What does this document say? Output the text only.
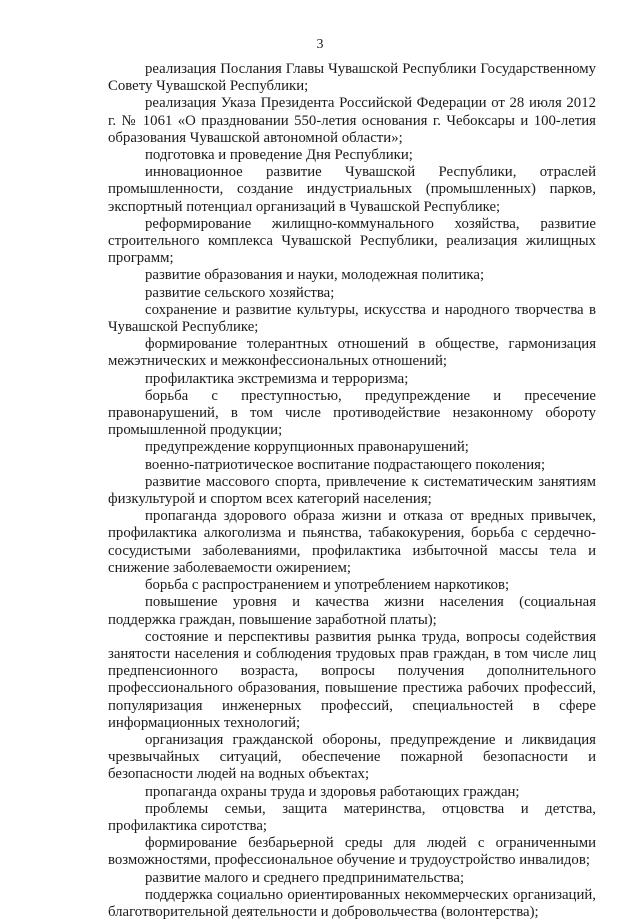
3

реализация Послания Главы Чувашской Республики Государственному Совету Чувашской Республики;

реализация Указа Президента Российской Федерации от 28 июля 2012 г. № 1061 «О праздновании 550-летия основания г. Чебоксары и 100-летия образования Чувашской автономной области»;

подготовка и проведение Дня Республики;

инновационное развитие Чувашской Республики, отраслей промышленности, создание индустриальных (промышленных) парков, экспортный потенциал организаций в Чувашской Республике;

реформирование жилищно-коммунального хозяйства, развитие строительного комплекса Чувашской Республики, реализация жилищных программ;

развитие образования и науки, молодежная политика;

развитие сельского хозяйства;

сохранение и развитие культуры, искусства и народного творчества в Чувашской Республике;

формирование толерантных отношений в обществе, гармонизация межэтнических и межконфессиональных отношений;

профилактика экстремизма и терроризма;

борьба с преступностью, предупреждение и пресечение правонарушений, в том числе противодействие незаконному обороту промышленной продукции;

предупреждение коррупционных правонарушений;

военно-патриотическое воспитание подрастающего поколения;

развитие массового спорта, привлечение к систематическим занятиям физкультурой и спортом всех категорий населения;

пропаганда здорового образа жизни и отказа от вредных привычек, профилактика алкоголизма и пьянства, табакокурения, борьба с сердечно-сосудистыми заболеваниями, профилактика избыточной массы тела и снижение заболеваемости ожирением;

борьба с распространением и употреблением наркотиков;

повышение уровня и качества жизни населения (социальная поддержка граждан, повышение заработной платы);

состояние и перспективы развития рынка труда, вопросы содействия занятости населения и соблюдения трудовых прав граждан, в том числе лиц предпенсионного возраста, вопросы получения дополнительного профессионального образования, повышение престижа рабочих профессий, популяризация инженерных профессий, специальностей в сфере информационных технологий;

организация гражданской обороны, предупреждение и ликвидация чрезвычайных ситуаций, обеспечение пожарной безопасности и безопасности людей на водных объектах;

пропаганда охраны труда и здоровья работающих граждан;

проблемы семьи, защита материнства, отцовства и детства, профилактика сиротства;

формирование безбарьерной среды для людей с ограниченными возможностями, профессиональное обучение и трудоустройство инвалидов;

развитие малого и среднего предпринимательства;

поддержка социально ориентированных некоммерческих организаций, благотворительной деятельности и добровольчества (волонтерства);
